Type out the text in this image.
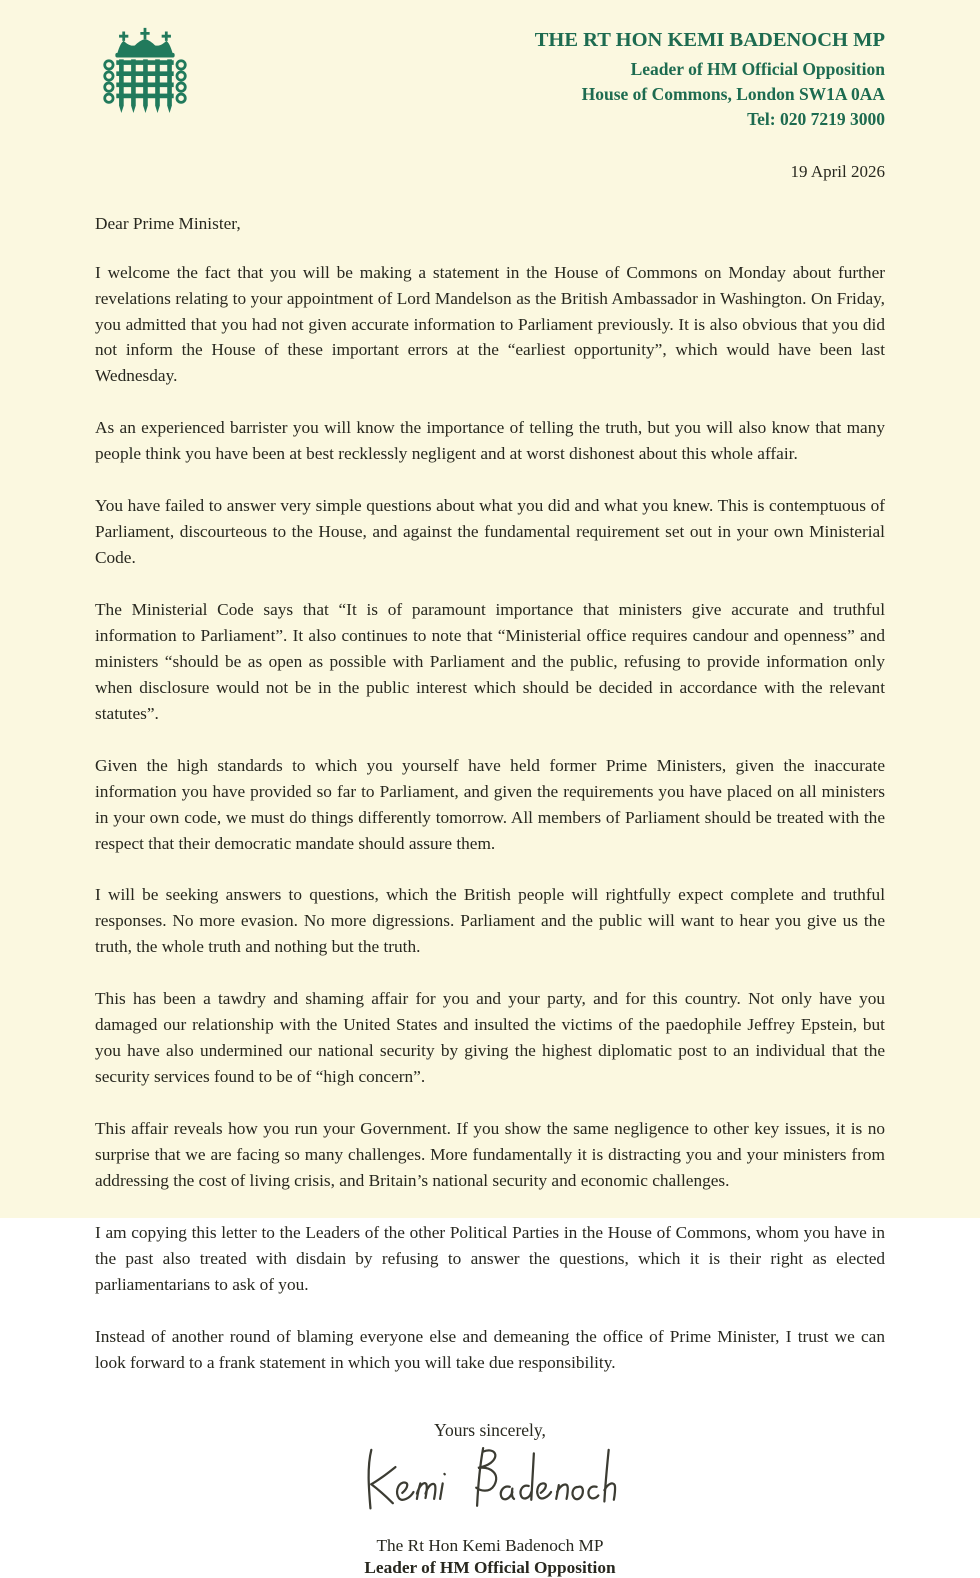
THE RT HON KEMI BADENOCH MP
Leader of HM Official Opposition
House of Commons, London SW1A 0AA
Tel: 020 7219 3000
19 April 2026
Dear Prime Minister,

I welcome the fact that you will be making a statement in the House of Commons on Monday about further revelations relating to your appointment of Lord Mandelson as the British Ambassador in Washington. On Friday, you admitted that you had not given accurate information to Parliament previously. It is also obvious that you did not inform the House of these important errors at the “earliest opportunity”, which would have been last Wednesday.

As an experienced barrister you will know the importance of telling the truth, but you will also know that many people think you have been at best recklessly negligent and at worst dishonest about this whole affair.

You have failed to answer very simple questions about what you did and what you knew. This is contemptuous of Parliament, discourteous to the House, and against the fundamental requirement set out in your own Ministerial Code.

The Ministerial Code says that “It is of paramount importance that ministers give accurate and truthful information to Parliament”. It also continues to note that “Ministerial office requires candour and openness” and ministers “should be as open as possible with Parliament and the public, refusing to provide information only when disclosure would not be in the public interest which should be decided in accordance with the relevant statutes”.

Given the high standards to which you yourself have held former Prime Ministers, given the inaccurate information you have provided so far to Parliament, and given the requirements you have placed on all ministers in your own code, we must do things differently tomorrow. All members of Parliament should be treated with the respect that their democratic mandate should assure them.

I will be seeking answers to questions, which the British people will rightfully expect complete and truthful responses. No more evasion. No more digressions. Parliament and the public will want to hear you give us the truth, the whole truth and nothing but the truth.

This has been a tawdry and shaming affair for you and your party, and for this country. Not only have you damaged our relationship with the United States and insulted the victims of the paedophile Jeffrey Epstein, but you have also undermined our national security by giving the highest diplomatic post to an individual that the security services found to be of “high concern”.

This affair reveals how you run your Government. If you show the same negligence to other key issues, it is no surprise that we are facing so many challenges. More fundamentally it is distracting you and your ministers from addressing the cost of living crisis, and Britain’s national security and economic challenges.

I am copying this letter to the Leaders of the other Political Parties in the House of Commons, whom you have in the past also treated with disdain by refusing to answer the questions, which it is their right as elected parliamentarians to ask of you.

Instead of another round of blaming everyone else and demeaning the office of Prime Minister, I trust we can look forward to a frank statement in which you will take due responsibility.

Yours sincerely,
The Rt Hon Kemi Badenoch MP
Leader of HM Official Opposition
